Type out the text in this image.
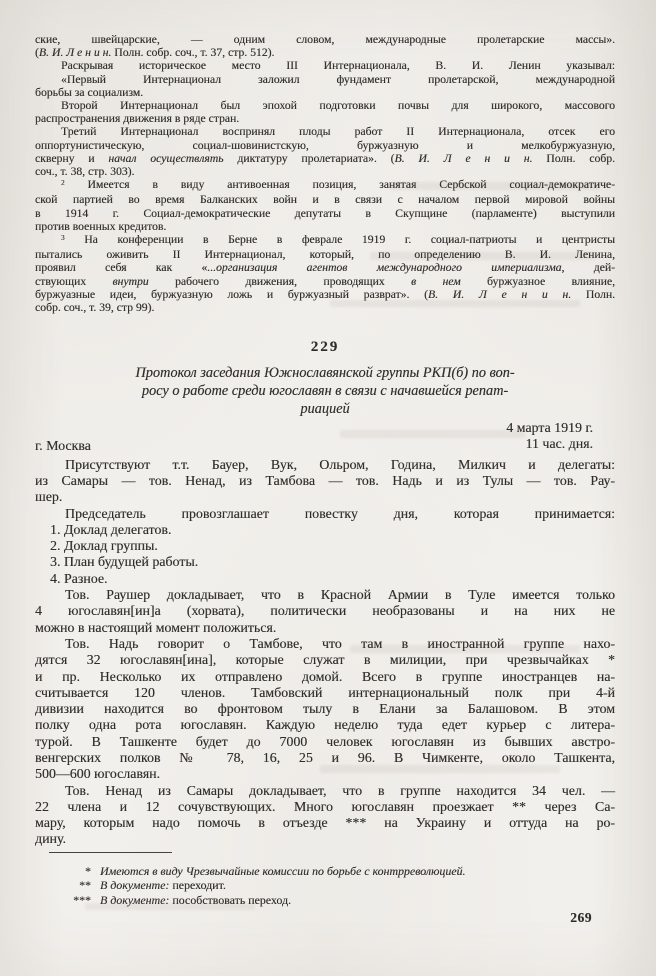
ские, швейцарские, — одним словом, международные пролетарские массы».
(В. И. Л е н и н. Полн. собр. соч., т. 37, стр. 512).
Раскрывая историческое место III Интернационала, В. И. Ленин указывал:
«Первый Интернационал заложил фундамент пролетарской, международной
борьбы за социализм.
Второй Интернационал был эпохой подготовки почвы для широкого, массового
распространения движения в ряде стран.
Третий Интернационал воспринял плоды работ II Интернационала, отсек его
оппортунистическую, социал-шовинистскую, буржуазную и мелкобуржуазную,
скверну и начал осуществлять диктатуру пролетариата». (В. И. Л е н и н. Полн. собр.
соч., т. 38, стр. 303).
$^2$ Имеется в виду антивоенная позиция, занятая Сербской социал-демократиче-
ской партией во время Балканских войн и в связи с началом первой мировой войны
в 1914 г. Социал-демократические депутаты в Скупщине (парламенте) выступили
против военных кредитов.
$^3$ На конференции в Берне в феврале 1919 г. социал-патриоты и центристы
пытались оживить II Интернационал, который, по определению В. И. Ленина,
проявил себя как «...организация агентов международного империализма, дей-
ствующих внутри рабочего движения, проводящих в нем буржуазное влияние,
буржуазные идеи, буржуазную ложь и буржуазный разврат». (В. И. Л е н и н. Полн.
собр. соч., т. 39, стр 99).
229
Протокол заседания Южнославянской группы РКП(б) по воп-
росу о работе среди югославян в связи с начавшейся репат-
риацией
г. Москва
4 марта 1919 г.
11 час. дня.
Присутствуют т.т. Бауер, Вук, Ольром, Година, Милкич и делегаты:
из Самары — тов. Ненад, из Тамбова — тов. Надь и из Тулы — тов. Рау-
шер.
Председатель провозглашает повестку дня, которая принимается:
1. Доклад делегатов.
2. Доклад группы.
3. План будущей работы.
4. Разное.
Тов. Раушер докладывает, что в Красной Армии в Туле имеется только
4 югославян[ин]а (хорвата), политически необразованы и на них не
можно в настоящий момент положиться.
Тов. Надь говорит о Тамбове, что там в иностранной группе нахо-
дятся 32 югославян[ина], которые служат в милиции, при чрезвычайках *
и пр. Несколько их отправлено домой. Всего в группе иностранцев на-
считывается 120 членов. Тамбовский интернациональный полк при 4-й
дивизии находится во фронтовом тылу в Елани за Балашовом. В этом
полку одна рота югославян. Каждую неделю туда едет курьер с литера-
турой. В Ташкенте будет до 7000 человек югославян из бывших австро-
венгерских полков № 78, 16, 25 и 96. В Чимкенте, около Ташкента,
500—600 югославян.
Тов. Ненад из Самары докладывает, что в группе находится 34 чел. —
22 члена и 12 сочувствующих. Много югославян проезжает ** через Са-
мару, которым надо помочь в отъезде *** на Украину и оттуда на ро-
дину.
* Имеются в виду Чрезвычайные комиссии по борьбе с контрреволюцией.
** В документе: переходит.
*** В документе: пособствовать переход.
269
